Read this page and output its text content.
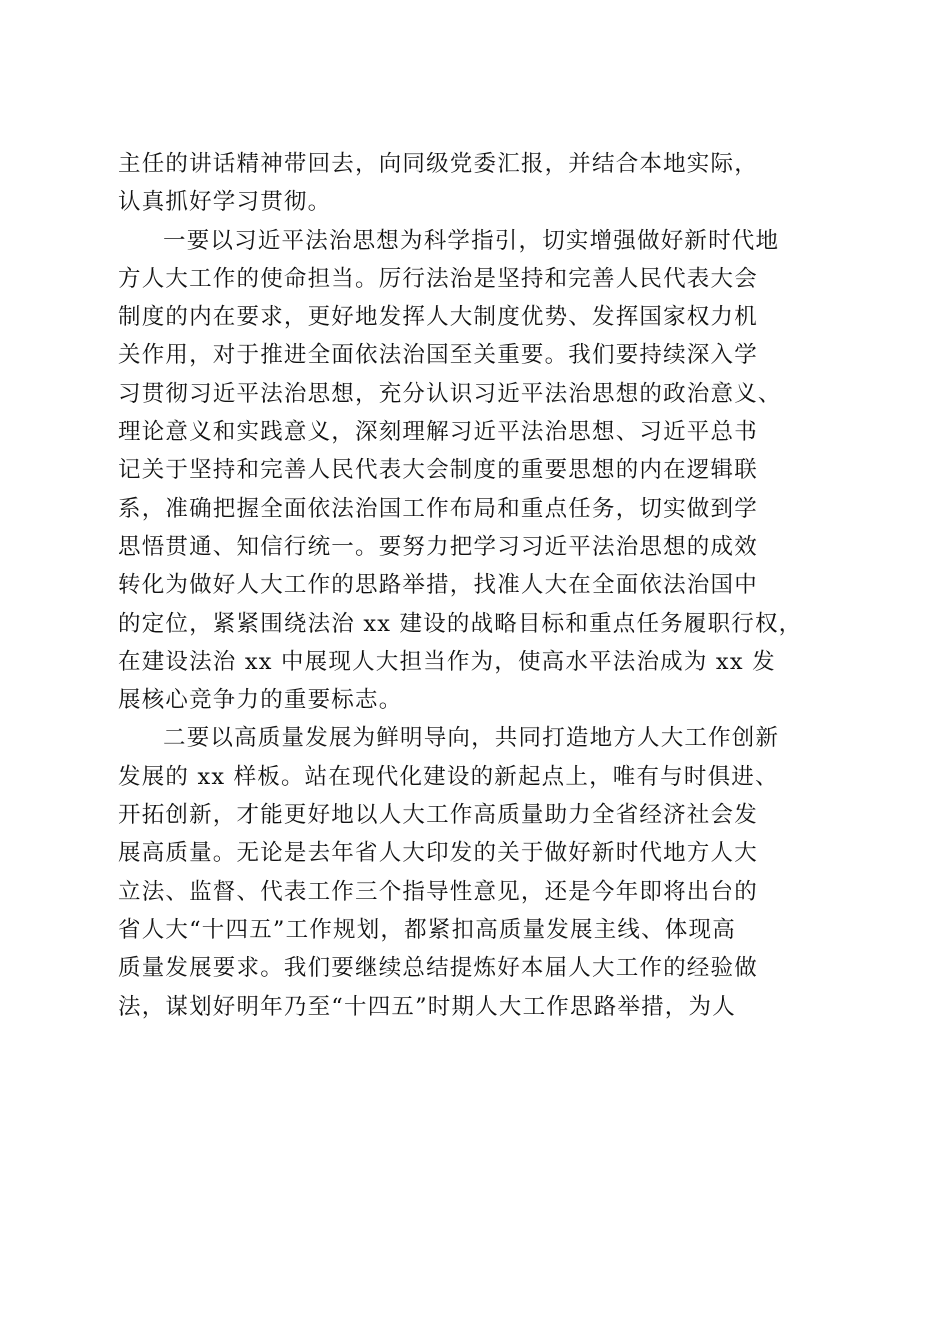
主任的讲话精神带回去，向同级党委汇报，并结合本地实际，
认真抓好学习贯彻。
一要以习近平法治思想为科学指引，切实增强做好新时代地
方人大工作的使命担当。厉行法治是坚持和完善人民代表大会
制度的内在要求，更好地发挥人大制度优势、发挥国家权力机
关作用，对于推进全面依法治国至关重要。我们要持续深入学
习贯彻习近平法治思想，充分认识习近平法治思想的政治意义、
理论意义和实践意义，深刻理解习近平法治思想、习近平总书
记关于坚持和完善人民代表大会制度的重要思想的内在逻辑联
系，准确把握全面依法治国工作布局和重点任务，切实做到学
思悟贯通、知信行统一。要努力把学习习近平法治思想的成效
转化为做好人大工作的思路举措，找准人大在全面依法治国中
的定位，紧紧围绕法治 xx 建设的战略目标和重点任务履职行权，
在建设法治 xx 中展现人大担当作为，使高水平法治成为 xx 发
展核心竞争力的重要标志。
二要以高质量发展为鲜明导向，共同打造地方人大工作创新
发展的 xx 样板。站在现代化建设的新起点上，唯有与时俱进、
开拓创新，才能更好地以人大工作高质量助力全省经济社会发
展高质量。无论是去年省人大印发的关于做好新时代地方人大
立法、监督、代表工作三个指导性意见，还是今年即将出台的
省人大“十四五”工作规划，都紧扣高质量发展主线、体现高
质量发展要求。我们要继续总结提炼好本届人大工作的经验做
法，谋划好明年乃至“十四五”时期人大工作思路举措，为人
